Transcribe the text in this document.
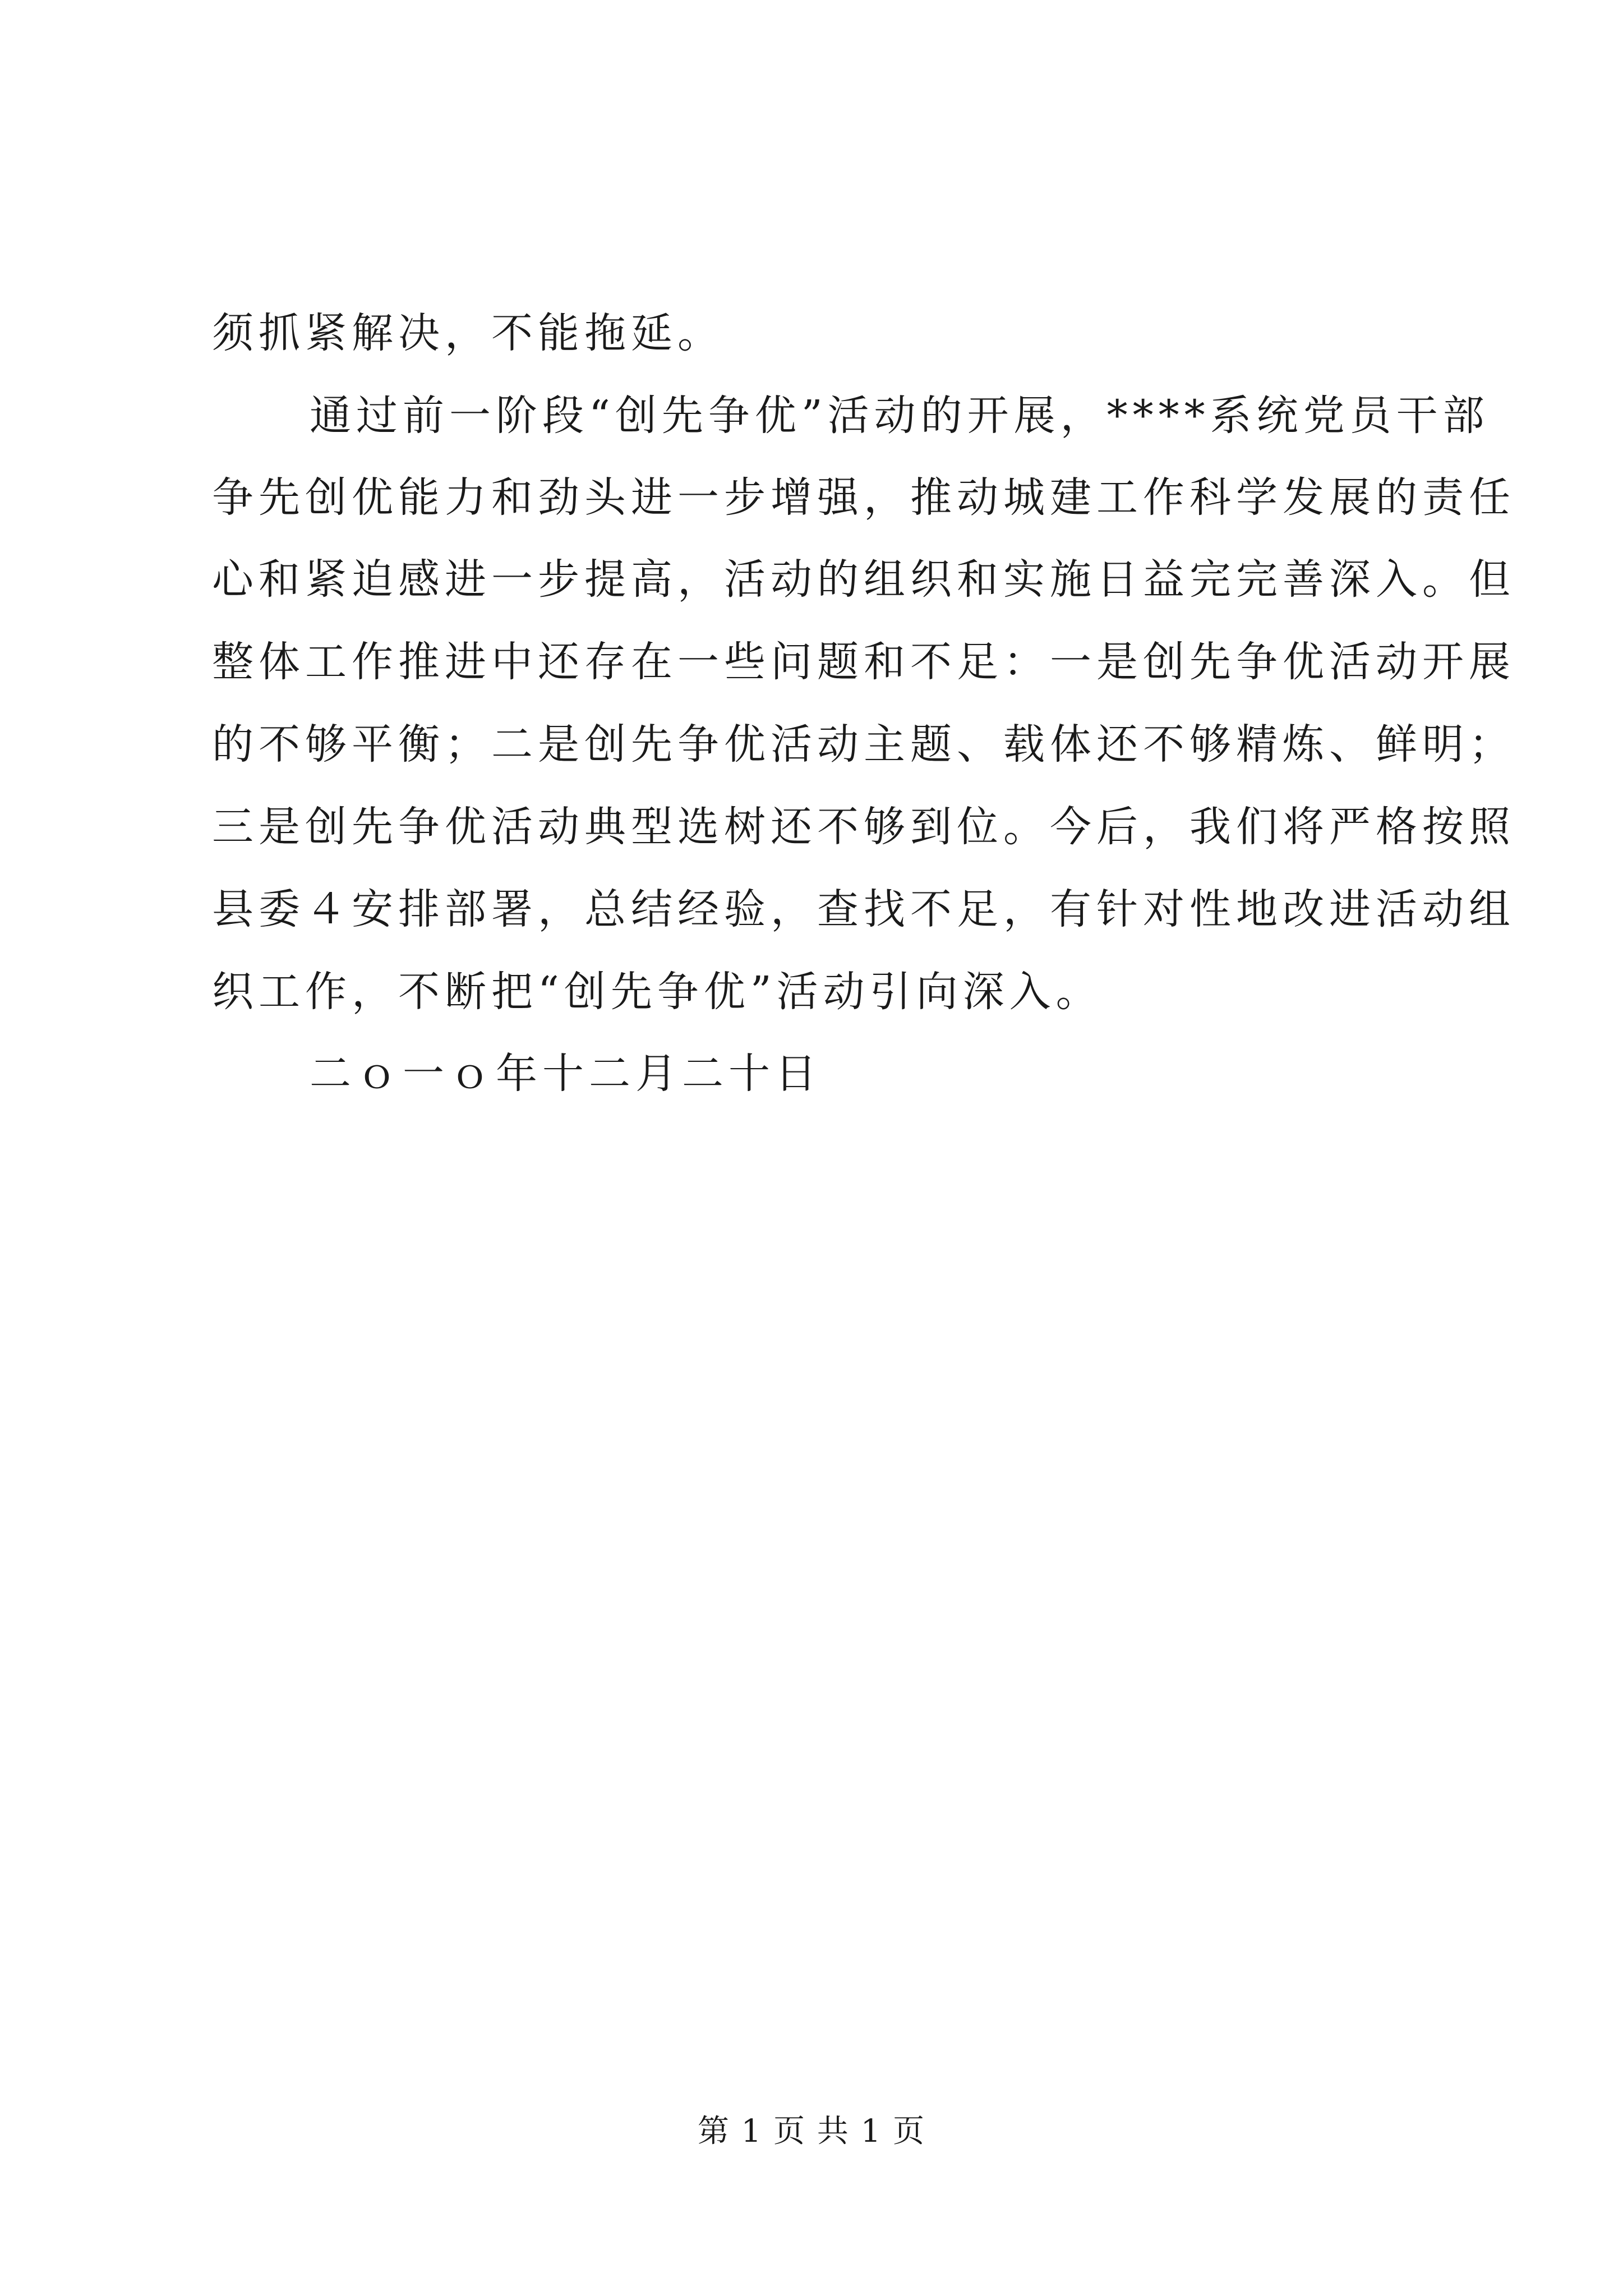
须抓紧解决，不能拖延。
通过前一阶段“创先争优”活动的开展，****系统党员干部
争先创优能力和劲头进一步增强，推动城建工作科学发展的责任
心和紧迫感进一步提高，活动的组织和实施日益完完善深入。但
整体工作推进中还存在一些问题和不足：一是创先争优活动开展
的不够平衡；二是创先争优活动主题、载体还不够精炼、鲜明；
三是创先争优活动典型选树还不够到位。今后，我们将严格按照
县委４安排部署，总结经验，查找不足，有针对性地改进活动组
织工作，不断把“创先争优”活动引向深入。
二ｏ一ｏ年十二月二十日
第 1 页 共 1 页
